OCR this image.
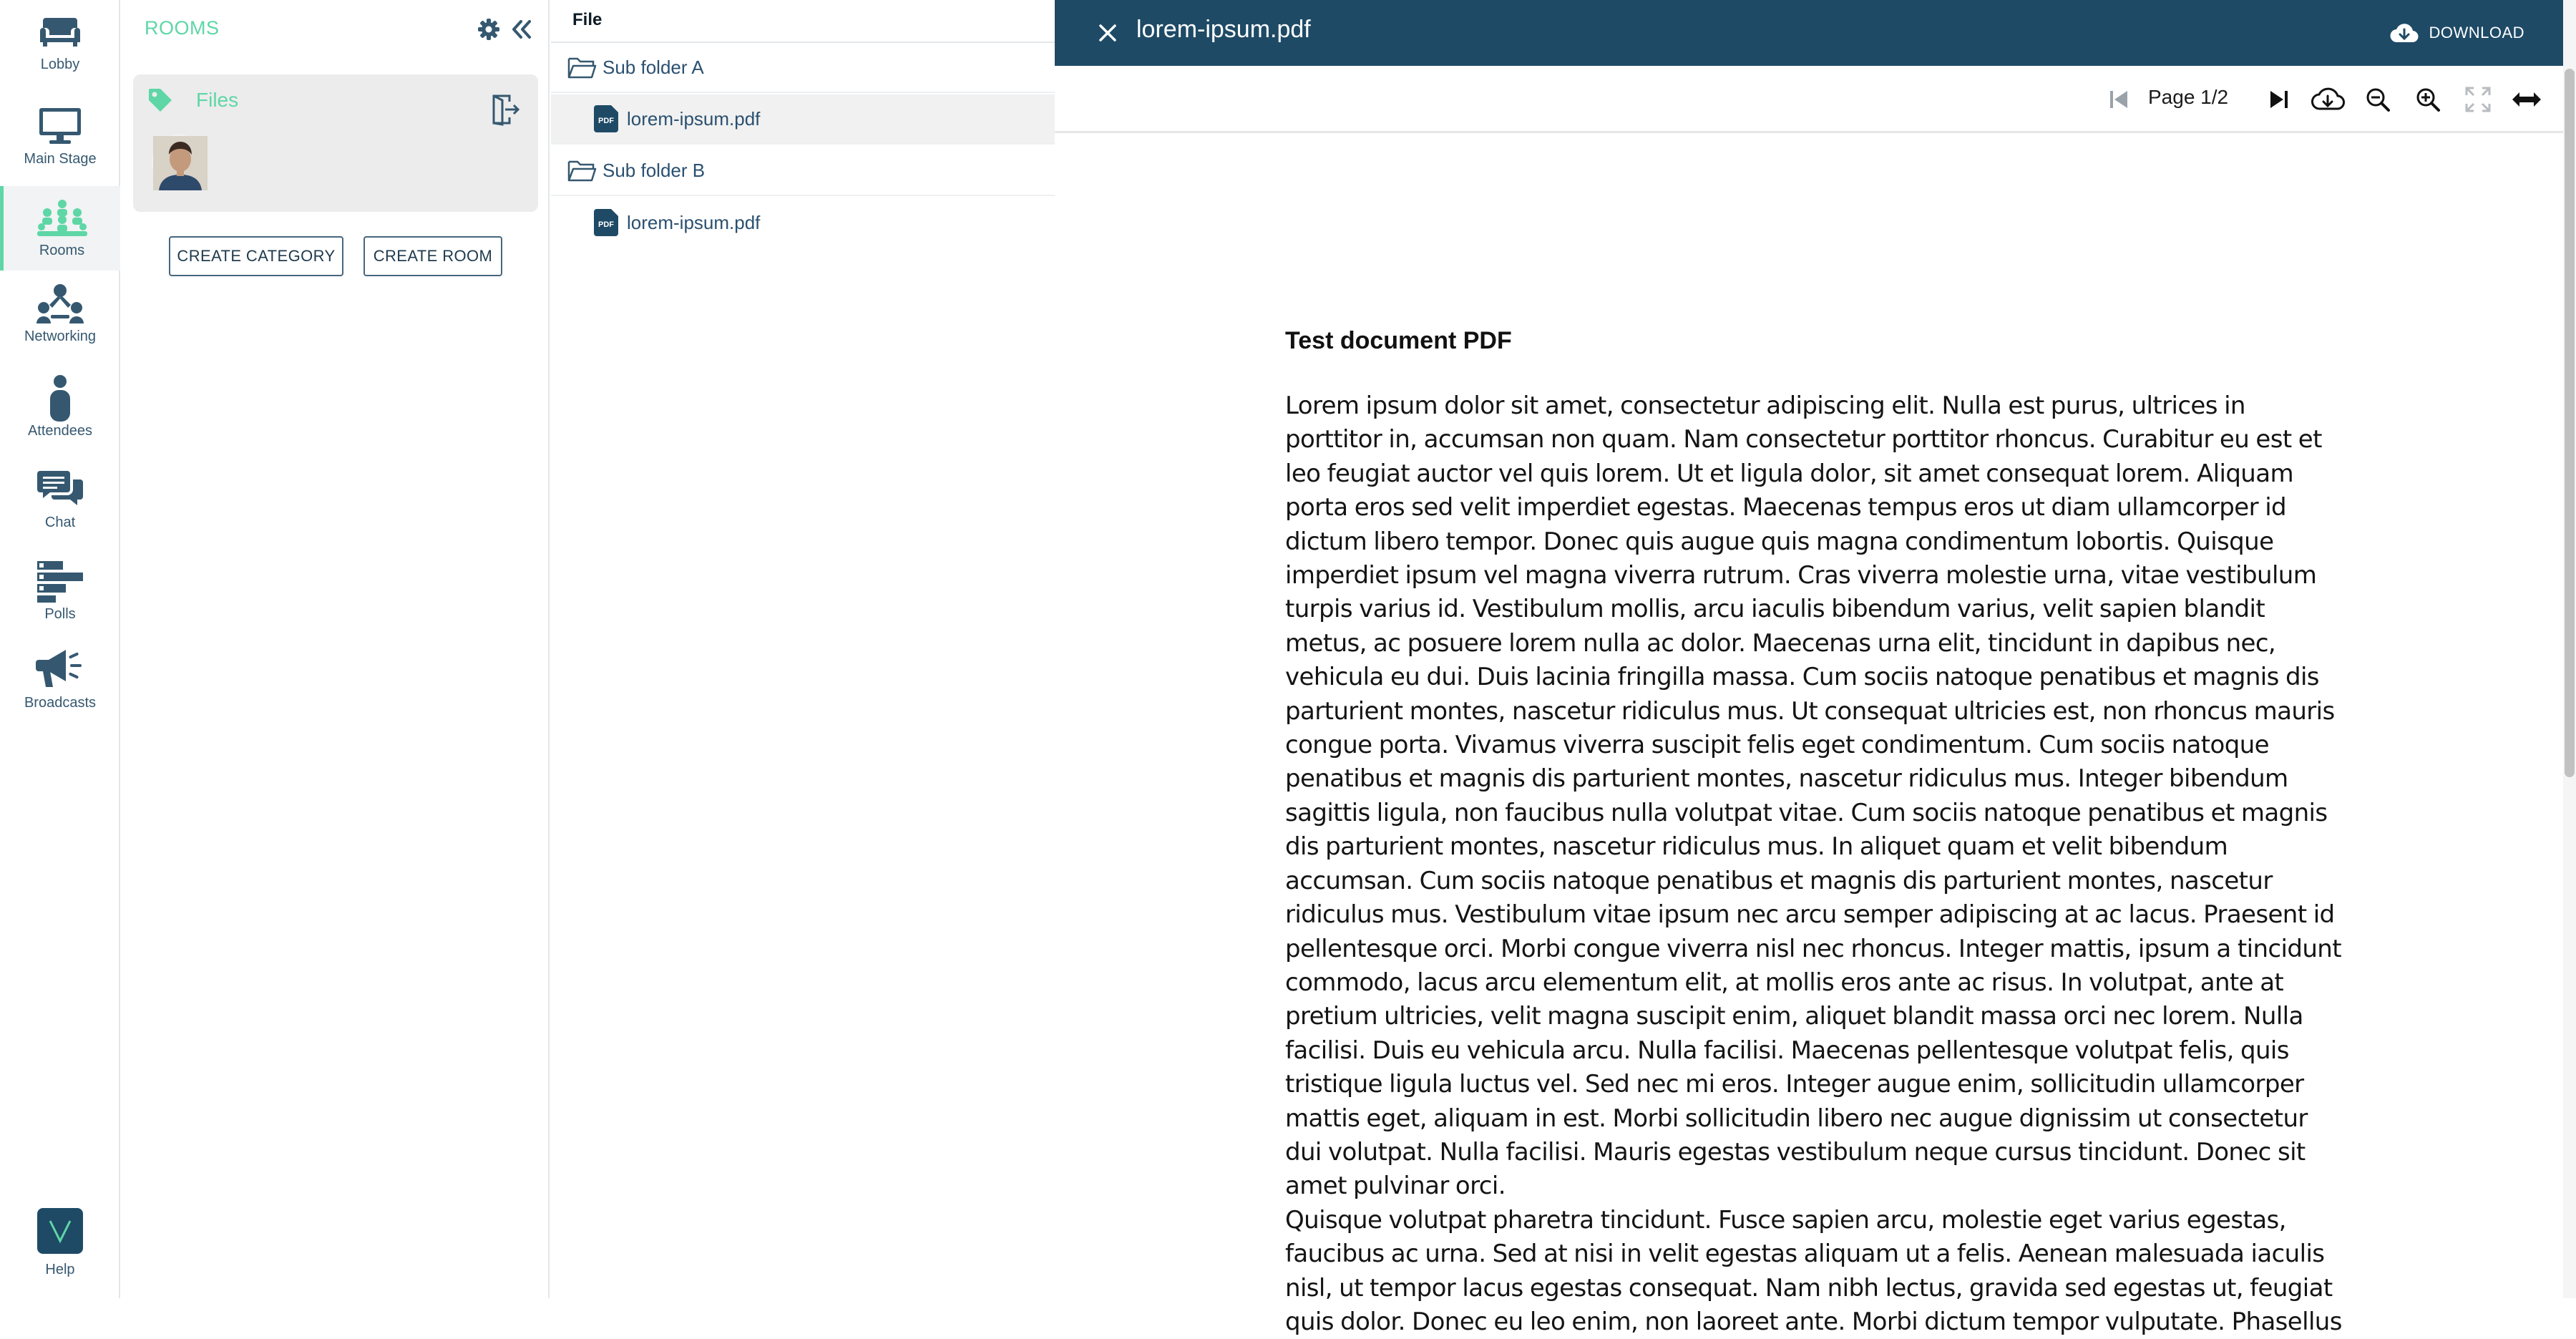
Lobby
Main Stage
Rooms
Networking
Attendees
Chat
Polls
Broadcasts
Help
ROOMS
Files
CREATE CATEGORY	CREATE ROOM
File
Sub folder A
PDF lorem-ipsum.pdf
Sub folder B
PDF lorem-ipsum.pdf
lorem-ipsum.pdf	DOWNLOAD
Page 1/2
Test document PDF

Lorem ipsum dolor sit amet, consectetur adipiscing elit. Nulla est purus, ultrices in porttitor in, accumsan non quam. Nam consectetur porttitor rhoncus. Curabitur eu est et leo feugiat auctor vel quis lorem. Ut et ligula dolor, sit amet consequat lorem. Aliquam porta eros sed velit imperdiet egestas. Maecenas tempus eros ut diam ullamcorper id dictum libero tempor. Donec quis augue quis magna condimentum lobortis. Quisque imperdiet ipsum vel magna viverra rutrum. Cras viverra molestie urna, vitae vestibulum turpis varius id. Vestibulum mollis, arcu iaculis bibendum varius, velit sapien blandit metus, ac posuere lorem nulla ac dolor. Maecenas urna elit, tincidunt in dapibus nec, vehicula eu dui. Duis lacinia fringilla massa. Cum sociis natoque penatibus et magnis dis parturient montes, nascetur ridiculus mus. Ut consequat ultricies est, non rhoncus mauris congue porta. Vivamus viverra suscipit felis eget condimentum. Cum sociis natoque penatibus et magnis dis parturient montes, nascetur ridiculus mus. Integer bibendum sagittis ligula, non faucibus nulla volutpat vitae. Cum sociis natoque penatibus et magnis dis parturient montes, nascetur ridiculus mus. In aliquet quam et velit bibendum accumsan. Cum sociis natoque penatibus et magnis dis parturient montes, nascetur ridiculus mus. Vestibulum vitae ipsum nec arcu semper adipiscing at ac lacus. Praesent id pellentesque orci. Morbi congue viverra nisl nec rhoncus. Integer mattis, ipsum a tincidunt commodo, lacus arcu elementum elit, at mollis eros ante ac risus. In volutpat, ante at pretium ultricies, velit magna suscipit enim, aliquet blandit massa orci nec lorem. Nulla facilisi. Duis eu vehicula arcu. Nulla facilisi. Maecenas pellentesque volutpat felis, quis tristique ligula luctus vel. Sed nec mi eros. Integer augue enim, sollicitudin ullamcorper mattis eget, aliquam in est. Morbi sollicitudin libero nec augue dignissim ut consectetur dui volutpat. Nulla facilisi. Mauris egestas vestibulum neque cursus tincidunt. Donec sit amet pulvinar orci.

Quisque volutpat pharetra tincidunt. Fusce sapien arcu, molestie eget varius egestas, faucibus ac urna. Sed at nisi in velit egestas aliquam ut a felis. Aenean malesuada iaculis nisl, ut tempor lacus egestas consequat. Nam nibh lectus, gravida sed egestas ut, feugiat quis dolor. Donec eu leo enim, non laoreet ante. Morbi dictum tempor vulputate. Phasellus
